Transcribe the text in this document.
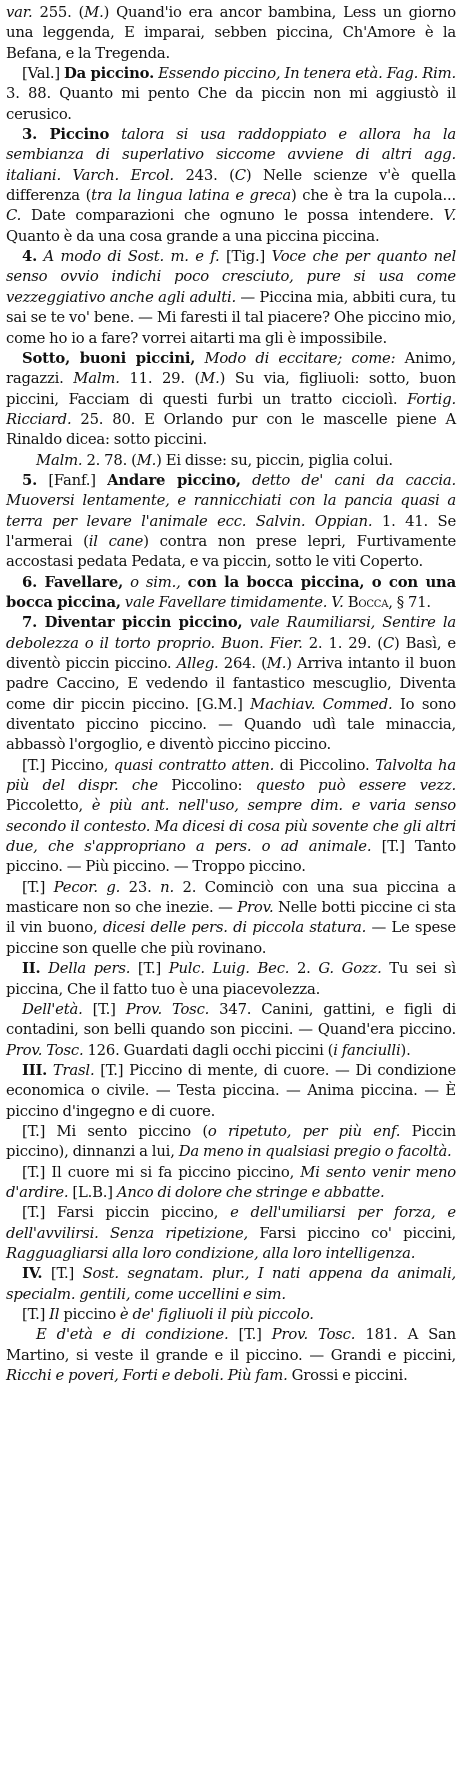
var. 255. (M.) Quand'io era ancor bambina, Less un giorno una leggenda, E imparai, sebben piccina, Ch'Amore è la Befana, e la Tregenda.

[Val.] Da piccino. Essendo piccino, In tenera età. Fag. Rim. 3. 88. Quanto mi pento Che da piccin non mi aggiustò il cerusico.

3. Piccino talora si usa raddoppiato e allora ha la sembianza di superlativo siccome avviene di altri agg. italiani. Varch. Ercol. 243. (C) Nelle scienze v'è quella differenza (tra la lingua latina e greca) che è tra la cupola... C. Date comparazioni che ognuno le possa intendere. V. Quanto è da una cosa grande a una piccina piccina.

4. A modo di Sost. m. e f. [Tig.] Voce che per quanto nel senso ovvio indichi poco cresciuto, pure si usa come vezzeggiativo anche agli adulti. — Piccina mia, abbiti cura, tu sai se te vo' bene. — Mi faresti il tal piacere? Ohe piccino mio, come ho io a fare? vorrei aitarti ma gli è impossibile.

Sotto, buoni piccini, Modo di eccitare; come: Animo, ragazzi. Malm. 11. 29. (M.) Su via, figliuoli: sotto, buon piccini, Facciam di questi furbi un tratto cicciolì. Fortig. Ricciard. 25. 80. E Orlando pur con le mascelle piene A Rinaldo dicea: sotto piccini.

Malm. 2. 78. (M.) Ei disse: su, piccin, piglia colui.

5. [Fanf.] Andare piccino, detto de' cani da caccia. Muoversi lentamente, e rannicchiati con la pancia quasi a terra per levare l'animale ecc. Salvin. Oppian. 1. 41. Se l'armerai (il cane) contra non prese lepri, Furtivamente accostasi pedata Pedata, e va piccin, sotto le viti Coperto.

6. Favellare, o sim., con la bocca piccina, o con una bocca piccina, vale Favellare timidamente. V. Bocca, § 71.

7. Diventar piccin piccino, vale Raumiliarsi, Sentire la debolezza o il torto proprio. Buon. Fier. 2. 1. 29. (C) Basì, e diventò piccin piccino. Alleg. 264. (M.) Arriva intanto il buon padre Caccino, E vedendo il fantastico mescuglio, Diventa come dir piccin piccino. [G.M.] Machiav. Commed. Io sono diventato piccino piccino. — Quando udì tale minaccia, abbassò l'orgoglio, e diventò piccino piccino.

[T.] Piccino, quasi contratto atten. di Piccolino. Talvolta ha più del dispr. che Piccolino: questo può essere vezz. Piccoletto, è più ant. nell'uso, sempre dim. e varia senso secondo il contesto. Ma dicesi di cosa più sovente che gli altri due, che s'appropriano a pers. o ad animale. [T.] Tanto piccino. — Più piccino. — Troppo piccino.

[T.] Pecor. g. 23. n. 2. Cominciò con una sua piccina a masticare non so che inezie. — Prov. Nelle botti piccine ci sta il vin buono, dicesi delle pers. di piccola statura. — Le spese piccine son quelle che più rovinano.

II. Della pers. [T.] Pulc. Luig. Bec. 2. G. Gozz. Tu sei sì piccina, Che il fatto tuo è una piacevolezza.

Dell'età. [T.] Prov. Tosc. 347. Canini, gattini, e figli di contadini, son belli quando son piccini. — Quand'era piccino. Prov. Tosc. 126. Guardati dagli occhi piccini (i fanciulli).

III. Trasl. [T.] Piccino di mente, di cuore. — Di condizione economica o civile. — Testa piccina. — Anima piccina. — È piccino d'ingegno e di cuore.

[T.] Mi sento piccino (o ripetuto, per più enf. Piccin piccino), dinnanzi a lui, Da meno in qualsiasi pregio o facoltà.

[T.] Il cuore mi si fa piccino piccino, Mi sento venir meno d'ardire. [L.B.] Anco di dolore che stringe e abbatte.

[T.] Farsi piccin piccino, e dell'umiliarsi per forza, e dell'avvilirsi. Senza ripetizione, Farsi piccino co' piccini, Ragguagliarsi alla loro condizione, alla loro intelligenza.

IV. [T.] Sost. segnatam. plur., I nati appena da animali, specialm. gentili, come uccellini e sim.

[T.] Il piccino è de' figliuoli il più piccolo.

E d'età e di condizione. [T.] Prov. Tosc. 181. A San Martino, si veste il grande e il piccino. — Grandi e piccini, Ricchi e poveri, Forti e deboli. Più fam. Grossi e piccini.
